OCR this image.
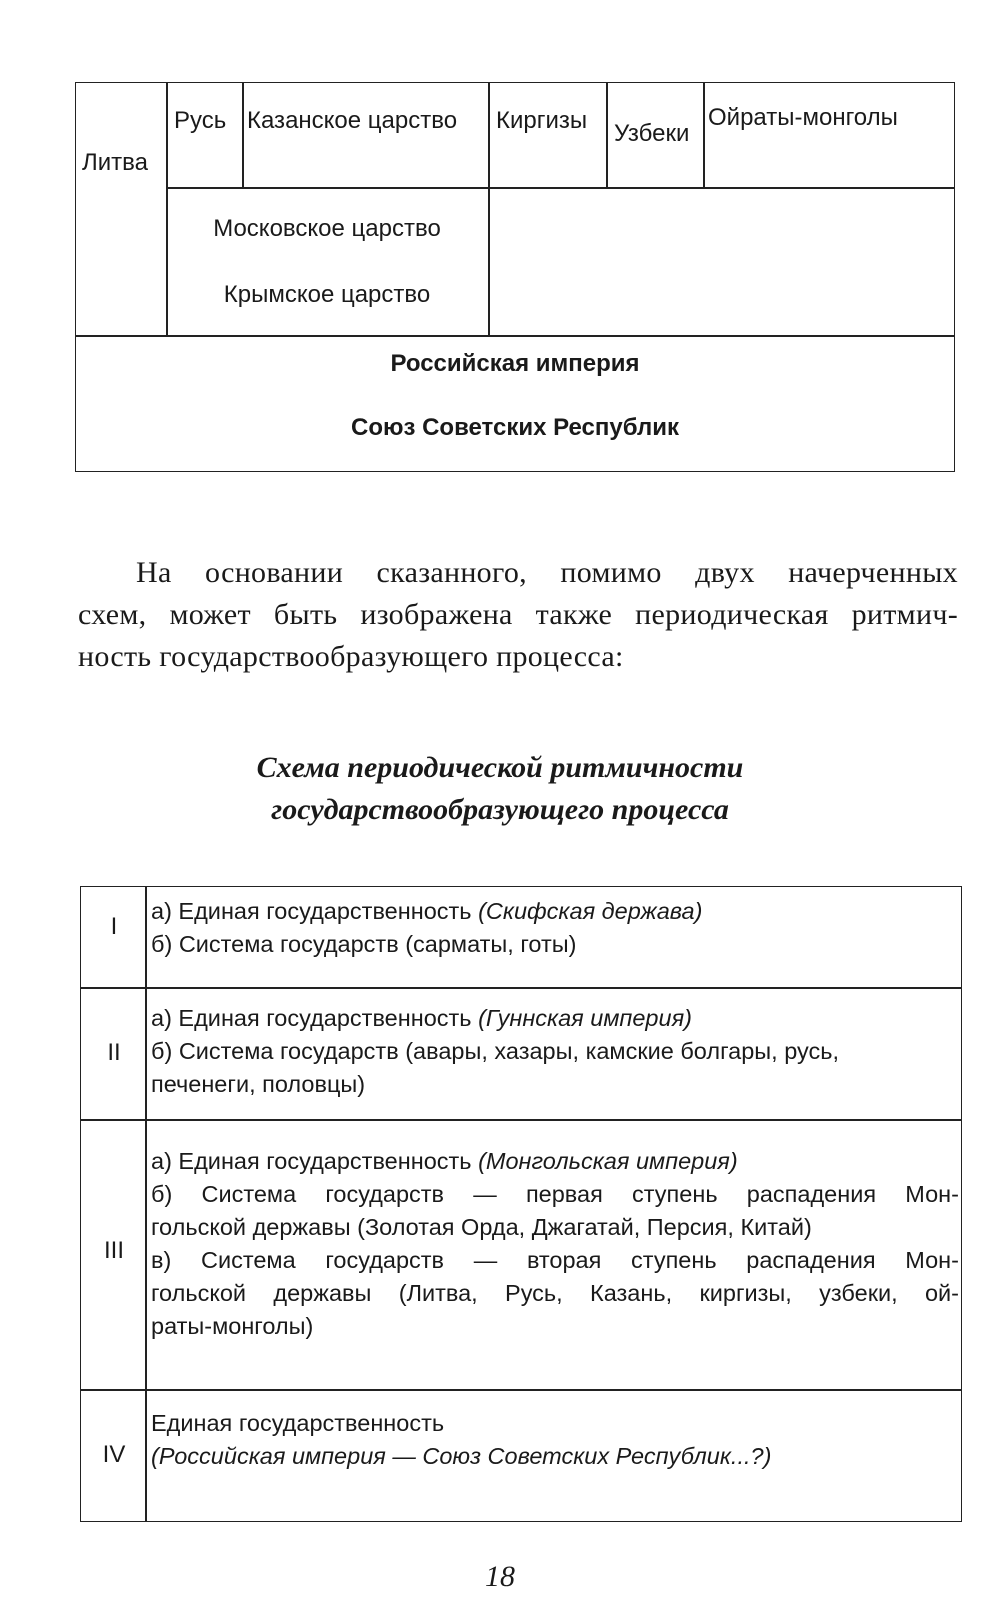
Литва
Русь Казанское царство Киргизы Узбеки
Ойраты-монголы
Московское царство
Крымское царство
Российская империя
Союз Советских Республик
На основании сказанного, помимо двух начерченных
схем, может быть изображена также периодическая ритмич-
ность государствообразующего процесса:
Схема периодической ритмичности
государствообразующего процесса
I
а) Единая государственность (Скифская держава)
б) Система государств (сарматы, готы)
II
а) Единая государственность (Гуннская империя)
б) Система государств (авары, хазары, камские болгары, русь,
печенеги, половцы)
III
а) Единая государственность (Монгольская империя)
б) Система государств — первая ступень распадения Мон-
гольской державы (Золотая Орда, Джагатай, Персия, Китай)
в) Система государств — вторая ступень распадения Мон-
гольской державы (Литва, Русь, Казань, киргизы, узбеки, ой-
раты-монголы)
IV
Единая государственность
(Российская империя — Союз Советских Республик...?)
18
